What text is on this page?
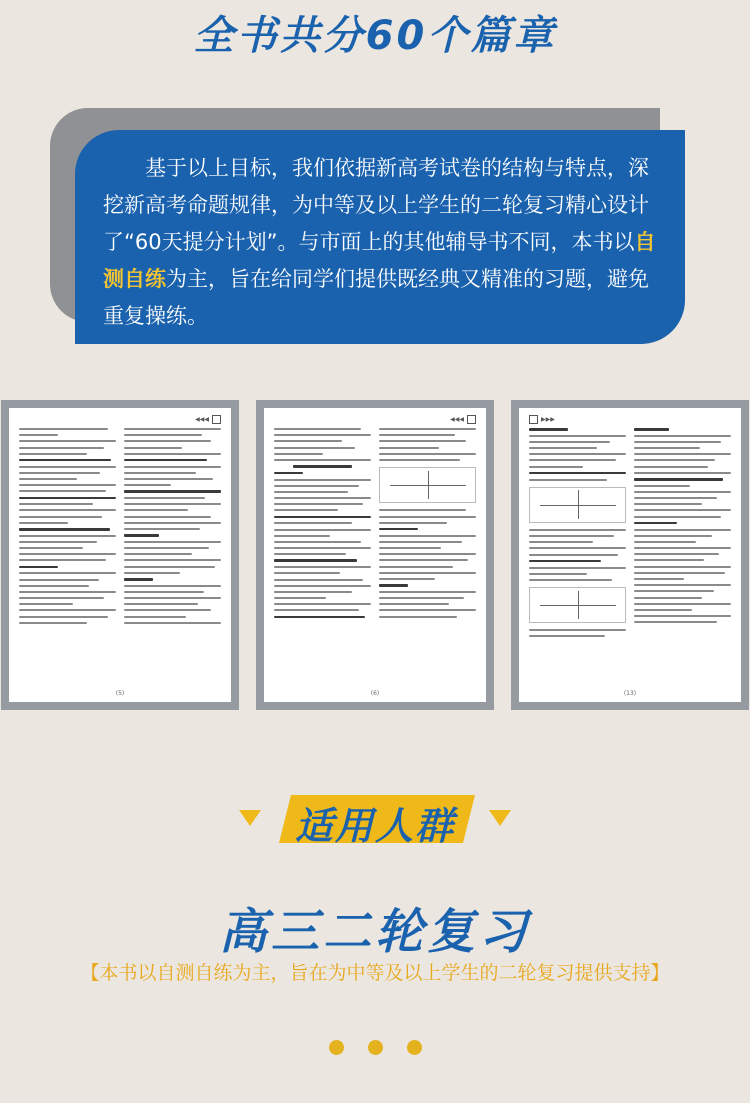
全书共分60个篇章
基于以上目标，我们依据新高考试卷的结构与特点，深挖新高考命题规律，为中等及以上学生的二轮复习精心设计了“60天提分计划”。与市面上的其他辅导书不同，本书以自测自练为主，旨在给同学们提供既经典又精准的习题，避免重复操练。
◀◀◀
(5)
◀◀◀
(6)
▶▶▶
(13)
适用人群
高三二轮复习
【本书以自测自练为主，旨在为中等及以上学生的二轮复习提供支持】
